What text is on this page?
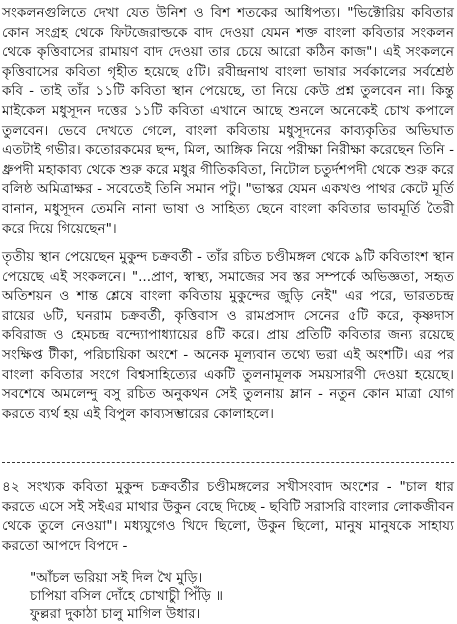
সংকলনগুলিতে দেখা যেত উনিশ ও বিশ শতকের আধিপত্য। "ভিক্টোরিয় কবিতার কোন সংগ্রহ থেকে ফিটজেরাল্ডকে বাদ দেওয়া যেমন শক্ত বাংলা কবিতার সংকলন থেকে কৃত্তিবাসের রামায়ণ বাদ দেওয়া তার চেয়ে আরো কঠিন কাজ"। এই সংকলনে কৃত্তিবাসের কবিতা গৃহীত হয়েছে ৫টি। রবীন্দ্রনাথ বাংলা ভাষার সর্বকালের সর্বশ্রেষ্ঠ কবি - তাই তাঁর ১১টি কবিতা স্থান পেয়েছে, তা নিয়ে কেউ প্রশ্ন তুলবেন না। কিন্তু মাইকেল মধুসূদন দত্তের ১১টি কবিতা এখানে আছে শুনলে অনেকেই চোখ কপালে তুলবেন। ভেবে দেখতে গেলে, বাংলা কবিতায় মধুসূদনের কাব্যকৃতির অভিঘাত এতটাই গভীর। কতোরকমের ছন্দ, মিল, আঙ্গিক নিয়ে পরীক্ষা নিরীক্ষা করেছেন তিনি - ধ্রুপদী মহাকাব্য থেকে শুরু করে মধুর গীতিকবিতা, নিটোল চতুর্দশপদী থেকে শুরু করে বলিষ্ঠ অমিত্রাক্ষর - সবেতেই তিনি সমান পটু। "ভাস্কর যেমন একখণ্ড পাথর কেটে মূর্তি বানান, মধুসূদন তেমনি নানা ভাষা ও সাহিত্য ছেনে বাংলা কবিতার ভাবমূর্তি তৈরী করে দিয়ে গিয়েছেন"।
তৃতীয় স্থান পেয়েছেন মুকুন্দ চক্রবর্তী - তাঁর রচিত চণ্ডীমঙ্গল থেকে ৯টি কবিতাংশ স্থান পেয়েছে এই সংকলনে। "...প্রাণ, স্বাস্থ্য, সমাজের সব স্তর সম্পর্কে অভিজ্ঞতা, সহৃত অতিশয়ন ও শান্ত শ্লেষে বাংলা কবিতায় মুকুন্দের জুড়ি নেই" এর পরে, ভারতচন্দ্র রায়ের ৬টি, ঘনরাম চক্রবর্তী, কৃত্তিবাস ও রামপ্রসাদ সেনের ৫টি করে, কৃষ্ণদাস কবিরাজ ও হেমচন্দ্র বন্দ্যোপাধ্যায়ের ৪টি করে। প্রায় প্রতিটি কবিতার জন্য রয়েছে সংক্ষিপ্ত টীকা, পরিচায়িকা অংশে - অনেক মূল্যবান তথ্যে ভরা এই অংশটি। এর পর বাংলা কবিতার সংগে বিশ্বসাহিত্যের একটি তুলনামূলক সময়সারণী দেওয়া হয়েছে। সবশেষে অমলেন্দু বসু রচিত অনুকথন সেই তুলনায় ম্লান - নতুন কোন মাত্রা যোগ করতে ব্যর্থ হয় এই বিপুল কাব্যসম্ভারের কোলাহলে।
৪২ সংখ্যক কবিতা মুকুন্দ চক্রবর্তীর চণ্ডীমঙ্গলের সখীসংবাদ অংশের - "চাল ধার করতে এসে সই সইএর মাথার উকুন বেছে দিচ্ছে - ছবিটি সরাসরি বাংলার লোকজীবন থেকে তুলে নেওয়া"। মধ্যযুগেও খিদে ছিলো, উকুন ছিলো, মানুষ মানুষকে সাহায্য করতো আপদে বিপদে -
"আঁচল ভরিয়া সই দিল খৈ মুড়ি।
চাপিয়া বসিল দোঁহে চোখাচুী পিঁড়ি ॥
ফুল্লরা দুকাঠা চালু মাগিল উধার।
